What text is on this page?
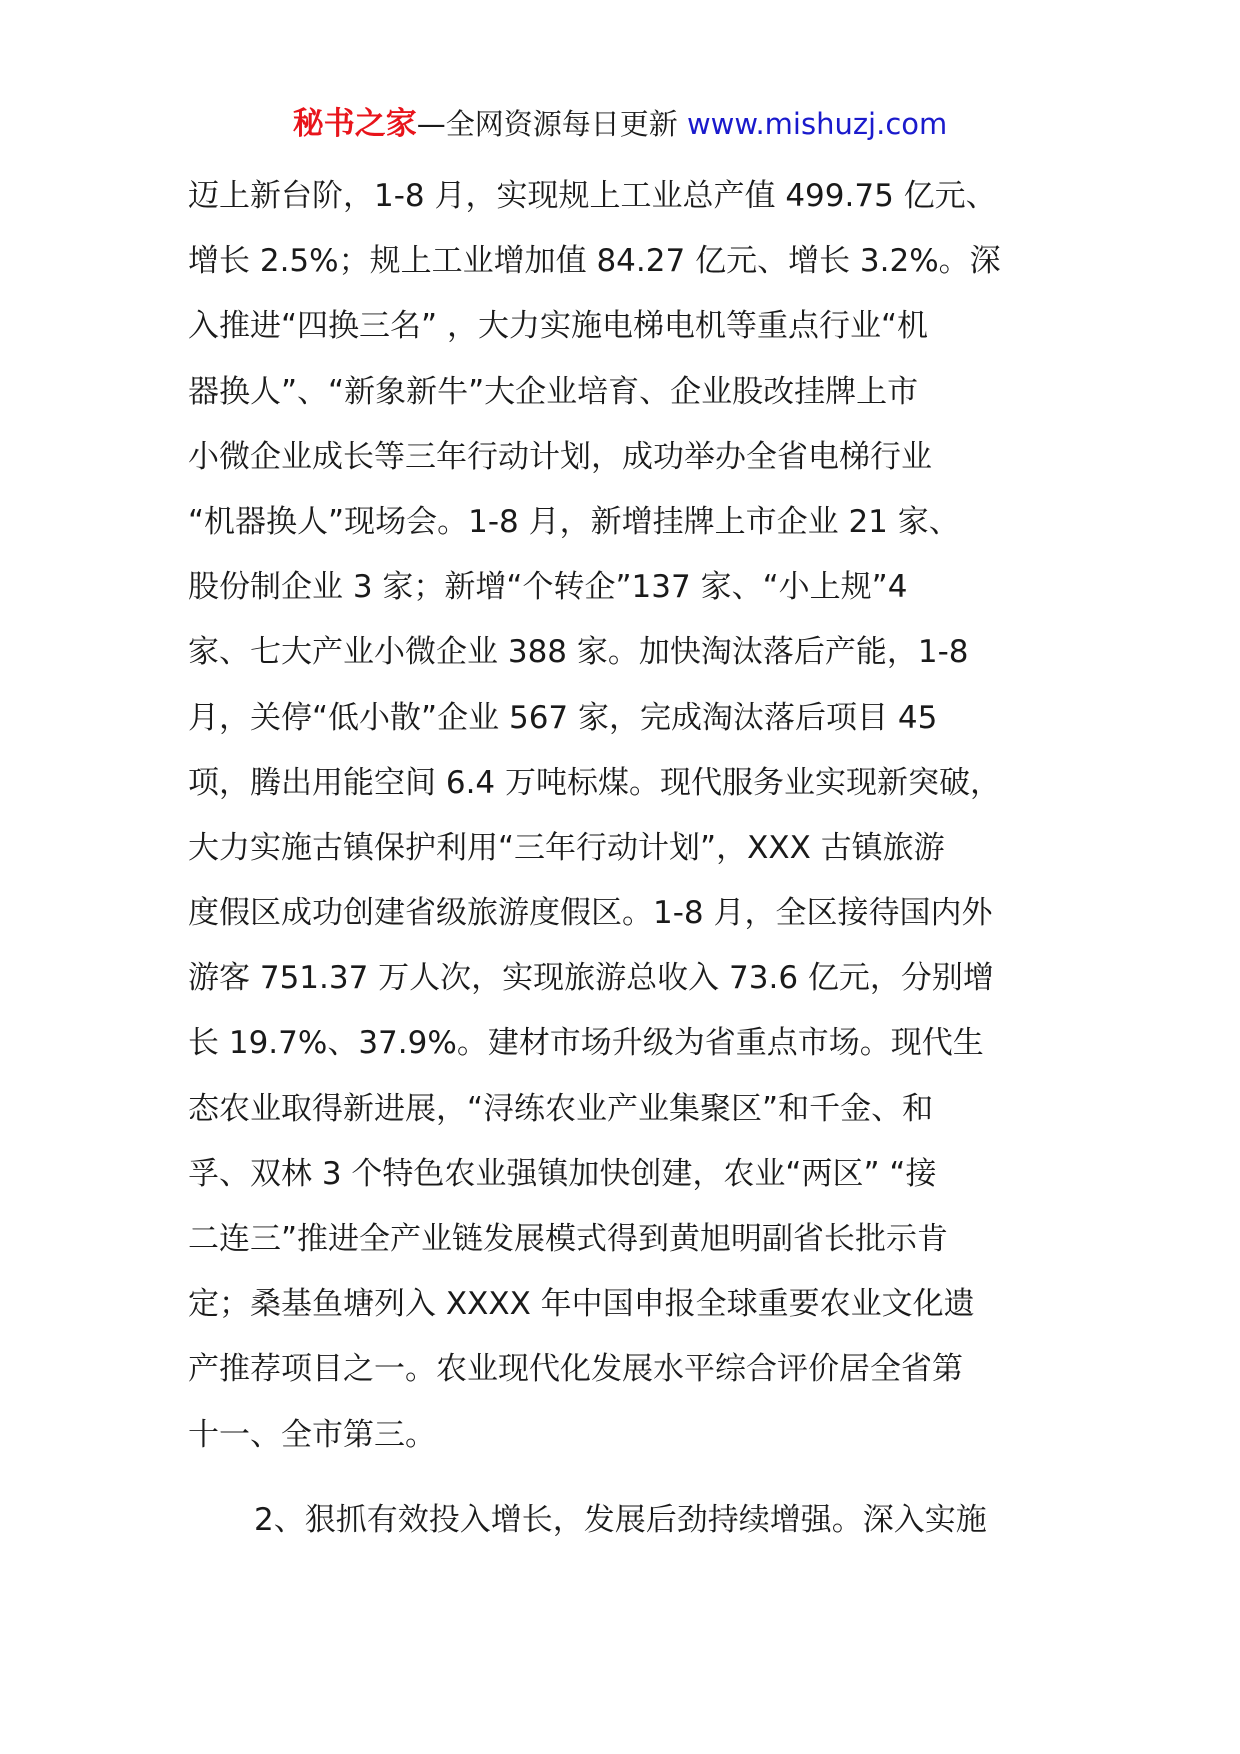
秘书之家—全网资源每日更新 www.mishuzj.com
迈上新台阶，1-8 月，实现规上工业总产值 499.75 亿元、
增长 2.5%；规上工业增加值 84.27 亿元、增长 3.2%。深
入推进“四换三名” ，大力实施电梯电机等重点行业“机
器换人”、“新象新牛”大企业培育、企业股改挂牌上市
小微企业成长等三年行动计划，成功举办全省电梯行业
“机器换人”现场会。1-8 月，新增挂牌上市企业 21 家、
股份制企业 3 家；新增“个转企”137 家、“小上规”4
家、七大产业小微企业 388 家。加快淘汰落后产能，1-8
月，关停“低小散”企业 567 家，完成淘汰落后项目 45
项，腾出用能空间 6.4 万吨标煤。现代服务业实现新突破，
大力实施古镇保护利用“三年行动计划”，XXX 古镇旅游
度假区成功创建省级旅游度假区。1-8 月，全区接待国内外
游客 751.37 万人次，实现旅游总收入 73.6 亿元，分别增
长 19.7%、37.9%。建材市场升级为省重点市场。现代生
态农业取得新进展，“浔练农业产业集聚区”和千金、和
孚、双林 3 个特色农业强镇加快创建，农业“两区” “接
二连三”推进全产业链发展模式得到黄旭明副省长批示肯
定；桑基鱼塘列入 XXXX 年中国申报全球重要农业文化遗
产推荐项目之一。农业现代化发展水平综合评价居全省第
十一、全市第三。
2、狠抓有效投入增长，发展后劲持续增强。深入实施
